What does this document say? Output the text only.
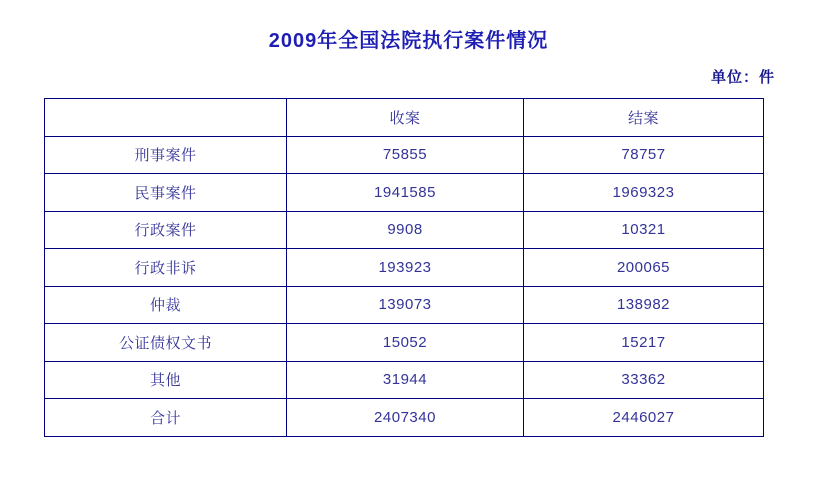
2009年全国法院执行案件情况
单位：件
	收案	结案
刑事案件	75855	78757
民事案件	1941585	1969323
行政案件	9908	10321
行政非诉	193923	200065
仲裁	139073	138982
公证债权文书	15052	15217
其他	31944	33362
合计	2407340	2446027
